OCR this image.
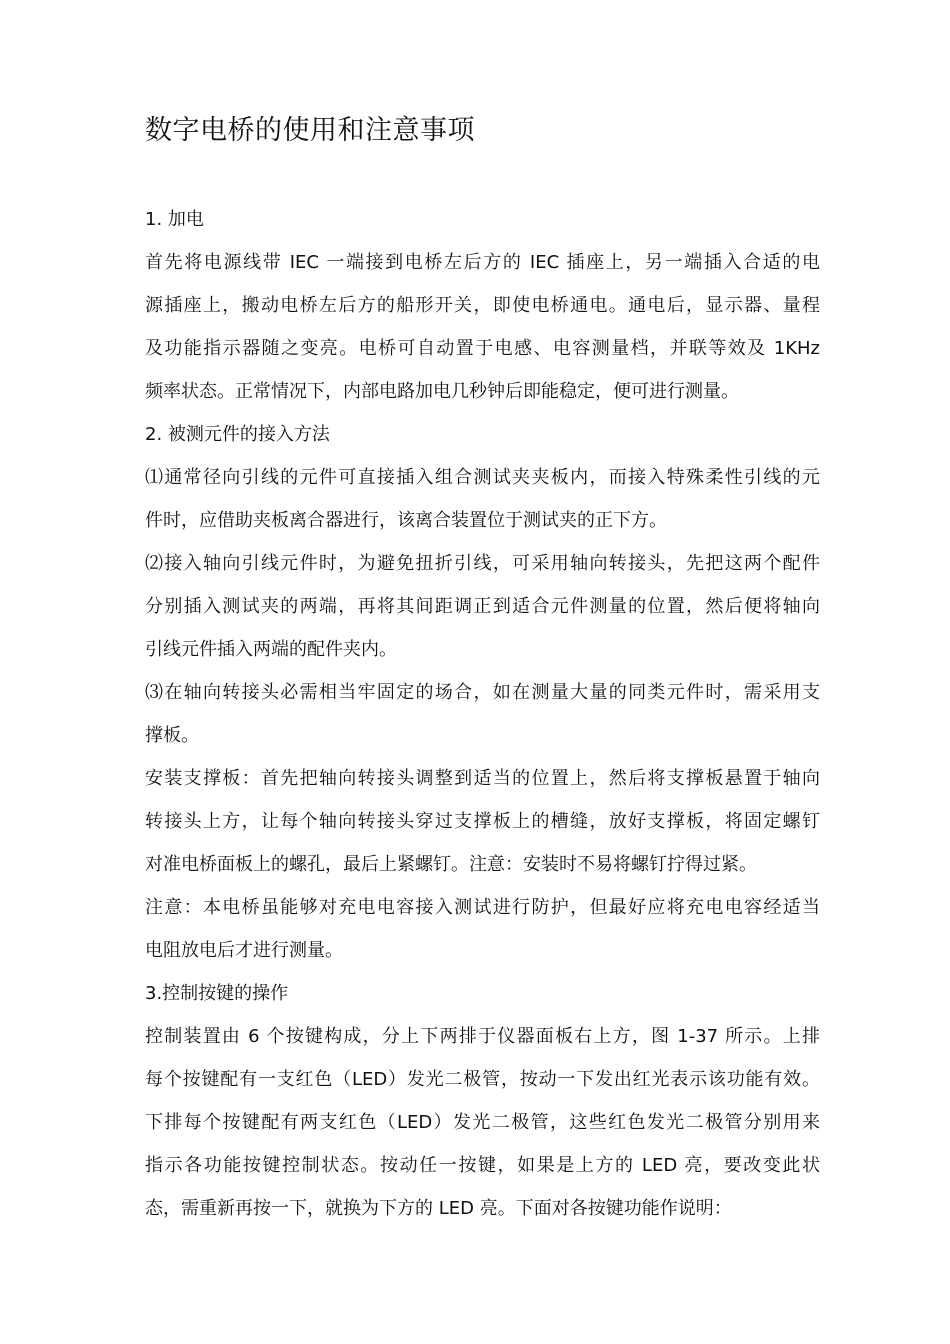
数字电桥的使用和注意事项
1. 加电
首先将电源线带 IEC 一端接到电桥左后方的 IEC 插座上，另一端插入合适的电
源插座上，搬动电桥左后方的船形开关，即使电桥通电。通电后，显示器、量程
及功能指示器随之变亮。电桥可自动置于电感、电容测量档，并联等效及 1KHz
频率状态。正常情况下，内部电路加电几秒钟后即能稳定，便可进行测量。
2. 被测元件的接入方法
⑴通常径向引线的元件可直接插入组合测试夹夹板内，而接入特殊柔性引线的元
件时，应借助夹板离合器进行，该离合装置位于测试夹的正下方。
⑵接入轴向引线元件时，为避免扭折引线，可采用轴向转接头，先把这两个配件
分别插入测试夹的两端，再将其间距调正到适合元件测量的位置，然后便将轴向
引线元件插入两端的配件夹内。
⑶在轴向转接头必需相当牢固定的场合，如在测量大量的同类元件时，需采用支
撑板。
安装支撑板：首先把轴向转接头调整到适当的位置上，然后将支撑板悬置于轴向
转接头上方，让每个轴向转接头穿过支撑板上的槽缝，放好支撑板，将固定螺钉
对准电桥面板上的螺孔，最后上紧螺钉。注意：安装时不易将螺钉拧得过紧。
注意：本电桥虽能够对充电电容接入测试进行防护，但最好应将充电电容经适当
电阻放电后才进行测量。
3.控制按键的操作
控制装置由 6 个按键构成，分上下两排于仪器面板右上方，图 1-37 所示。上排
每个按键配有一支红色（LED）发光二极管，按动一下发出红光表示该功能有效。
下排每个按键配有两支红色（LED）发光二极管，这些红色发光二极管分别用来
指示各功能按键控制状态。按动任一按键，如果是上方的 LED 亮，要改变此状
态，需重新再按一下，就换为下方的 LED 亮。下面对各按键功能作说明：
